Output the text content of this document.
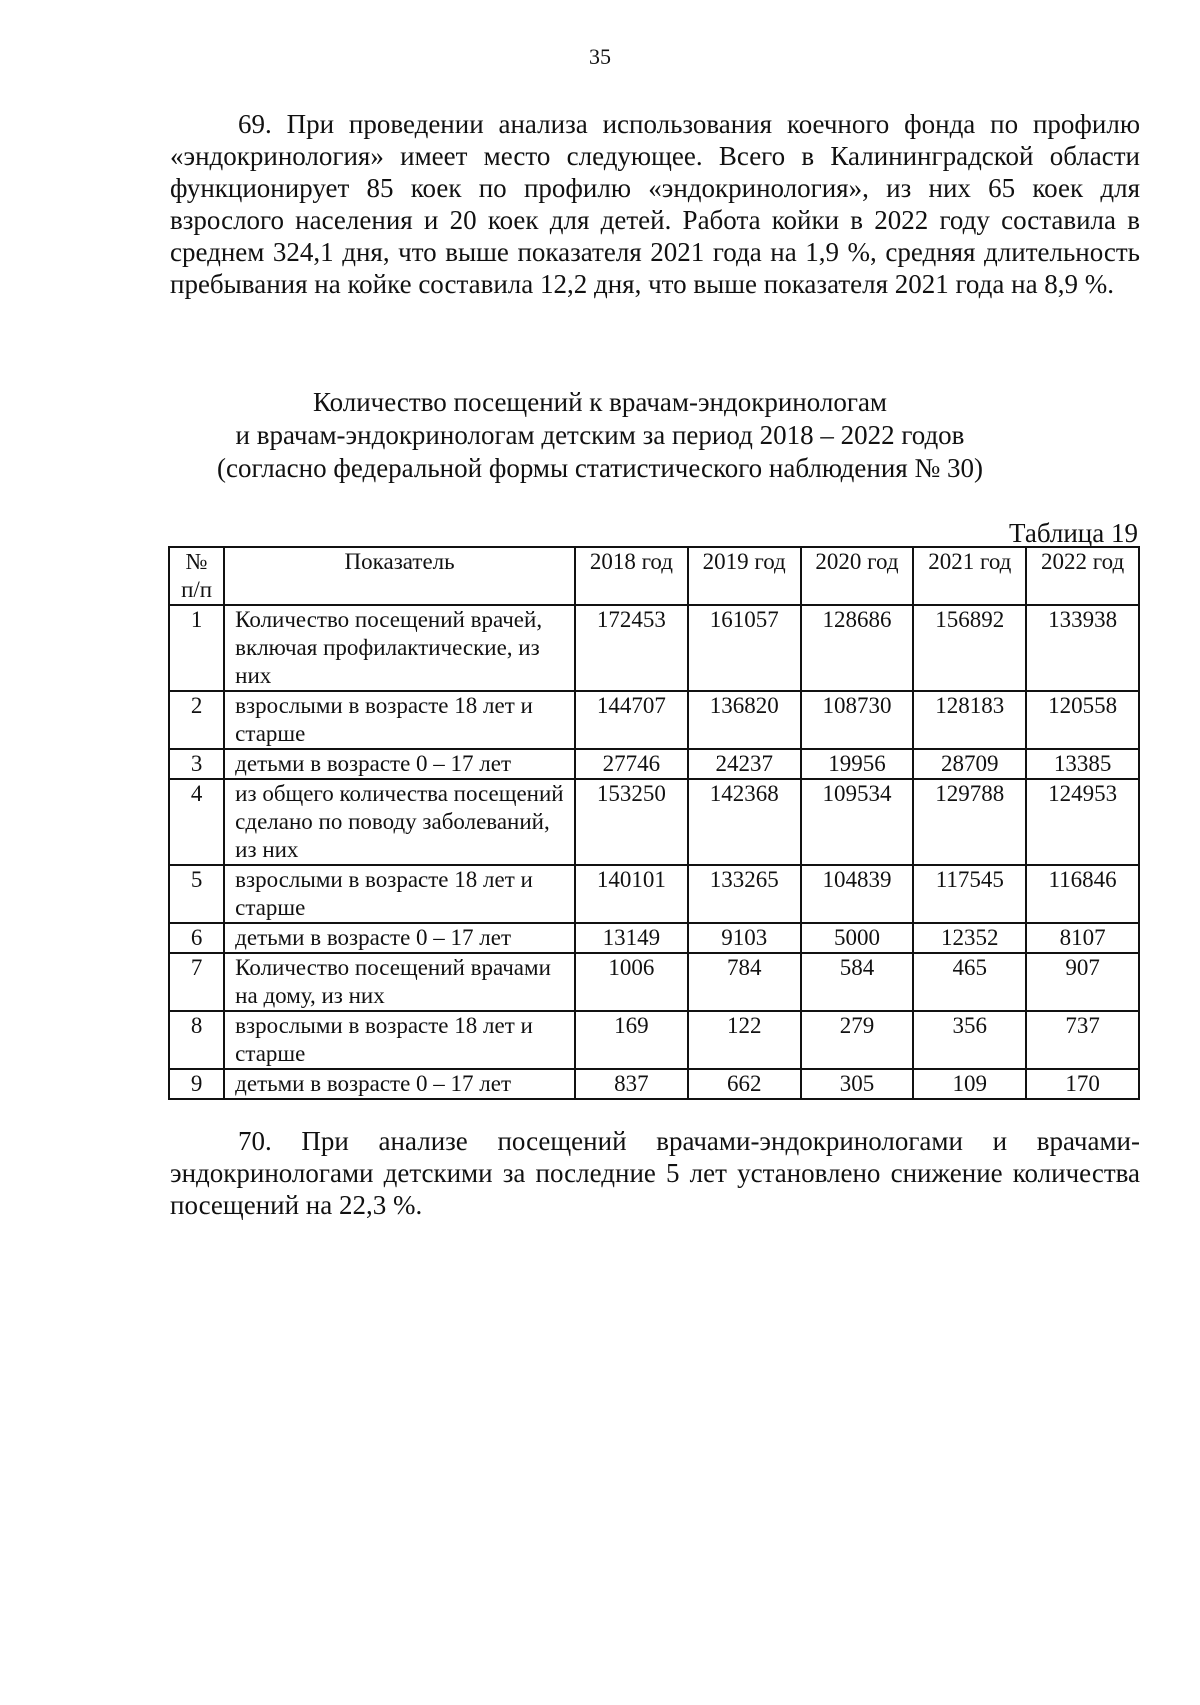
35

69. При проведении анализа использования коечного фонда по профилю «эндокринология» имеет место следующее. Всего в Калининградской области функционирует 85 коек по профилю «эндокринология», из них 65 коек для взрослого населения и 20 коек для детей. Работа койки в 2022 году составила в среднем 324,1 дня, что выше показателя 2021 года на 1,9 %, средняя длительность пребывания на койке составила 12,2 дня, что выше показателя 2021 года на 8,9 %.

Количество посещений к врачам-эндокринологам
и врачам-эндокринологам детским за период 2018 – 2022 годов
(согласно федеральной формы статистического наблюдения № 30)
Таблица 19
№ п/п	Показатель	2018 год	2019 год	2020 год	2021 год	2022 год
1	Количество посещений врачей, включая профилактические, из них	172453	161057	128686	156892	133938
2	взрослыми в возрасте 18 лет и старше	144707	136820	108730	128183	120558
3	детьми в возрасте 0 – 17 лет	27746	24237	19956	28709	13385
4	из общего количества посещений сделано по поводу заболеваний, из них	153250	142368	109534	129788	124953
5	взрослыми в возрасте 18 лет и старше	140101	133265	104839	117545	116846
6	детьми в возрасте 0 – 17 лет	13149	9103	5000	12352	8107
7	Количество посещений врачами на дому, из них	1006	784	584	465	907
8	взрослыми в возрасте 18 лет и старше	169	122	279	356	737
9	детьми в возрасте 0 – 17 лет	837	662	305	109	170

70. При анализе посещений врачами-эндокринологами и врачами-эндокринологами детскими за последние 5 лет установлено снижение количества посещений на 22,3 %.
